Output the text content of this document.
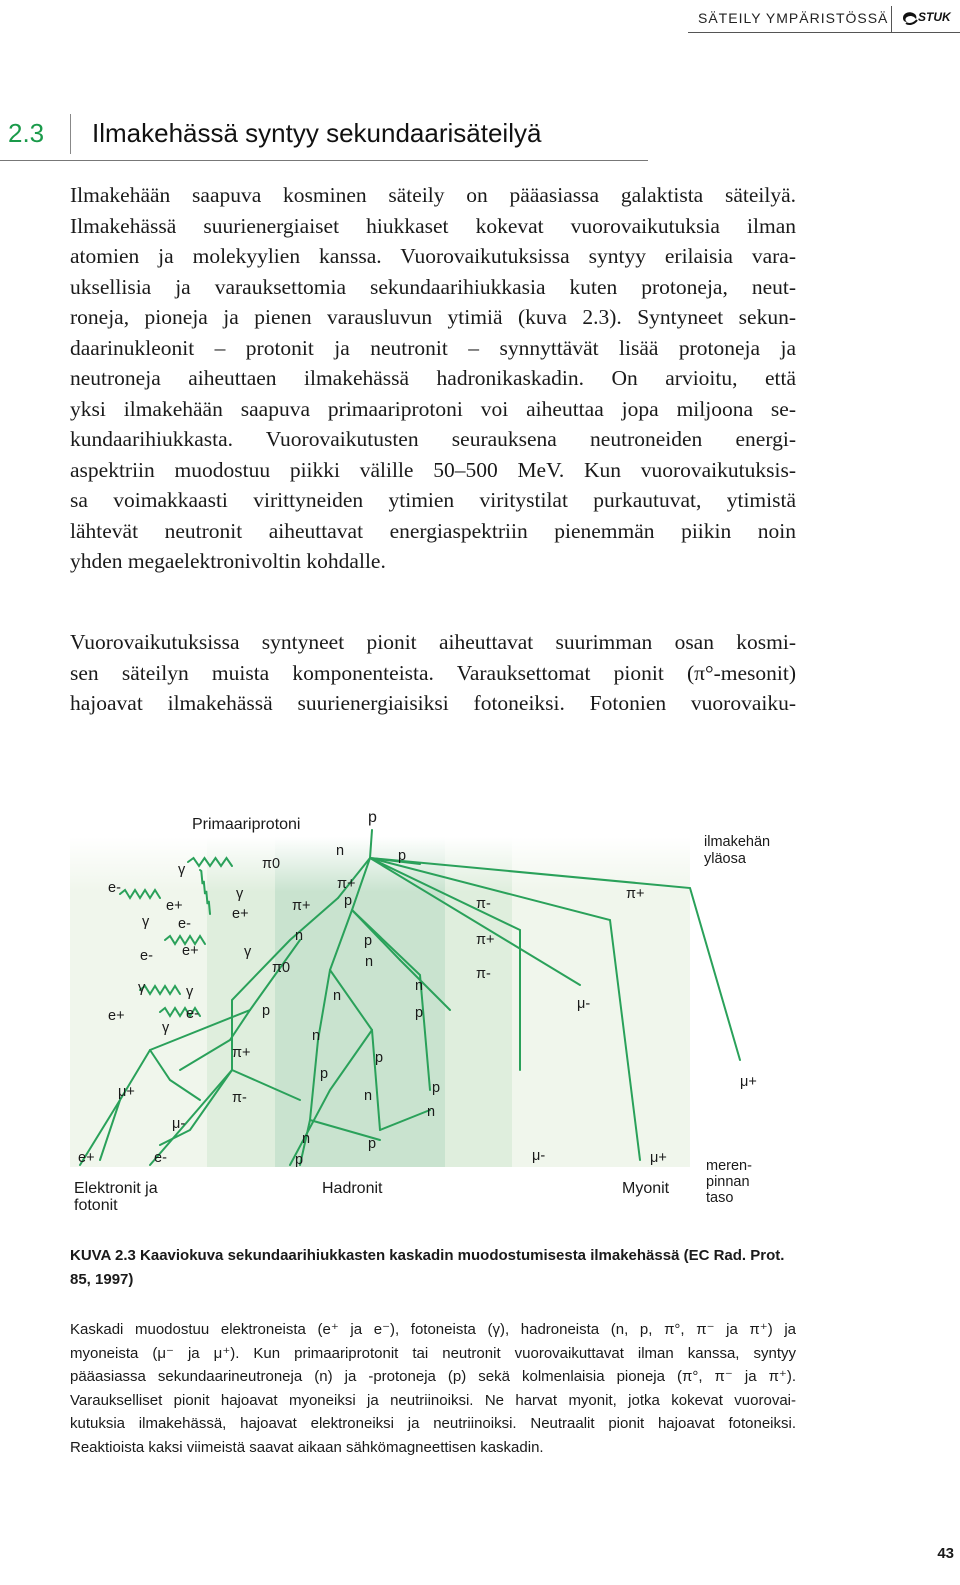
SÄTEILY YMPÄRISTÖSSÄ STUK
2.3 Ilmakehässä syntyy sekundaarisäteilyä
Ilmakehään saapuva kosminen säteily on pääasiassa galaktista säteilyä.
Ilmakehässä suurienergiaiset hiukkaset kokevat vuorovaikutuksia ilman
atomien ja molekyylien kanssa. Vuorovaikutuksissa syntyy erilaisia vara-
uksellisia ja varauksettomia sekundaarihiukkasia kuten protoneja, neut-
roneja, pioneja ja pienen varausluvun ytimiä (kuva 2.3). Syntyneet sekun-
daarinukleonit – protonit ja neutronit – synnyttävät lisää protoneja ja
neutroneja aiheuttaen ilmakehässä hadronikaskadin. On arvioitu, että
yksi ilmakehään saapuva primaariprotoni voi aiheuttaa jopa miljoona se-
kundaarihiukkasta. Vuorovaikutusten seurauksena neutroneiden energi-
aspektriin muodostuu piikki välille 50–500 MeV. Kun vuorovaikutuksis-
sa voimakkaasti virittyneiden ytimien viritystilat purkautuvat, ytimistä
lähtevät neutronit aiheuttavat energiaspektriin pienemmän piikin noin
yhden megaelektronivoltin kohdalle.
Vuorovaikutuksissa syntyneet pionit aiheuttavat suurimman osan kosmi-
sen säteilyn muista komponenteista. Varauksettomat pionit (π°-mesonit)
hajoavat ilmakehässä suurienergiaisiksi fotoneiksi. Fotonien vuorovaiku-
e-
γ	π0
n	p
π+
γ
e+	π+ p
γ e-
e+
n	p
π-
π+
e- e+	γ
n
π+
γ
π0	π-
γ	n
n
e+	p
e-	p
μ-
γ	n
π+	p
μ+
p
μ+	π-	n	p
n
μ-
n	p
e+	e-	p	μ-	μ+
Primaariprotoni	p
ilmakehän
yläosa
meren-
pinnan
taso
Elektronit ja
fotonit
Hadronit	Myonit
KUVA 2.3 Kaaviokuva sekundaarihiukkasten kaskadin muodostumisesta ilmakehässä (EC Rad. Prot. 85, 1997)
Kaskadi muodostuu elektroneista (e⁺ ja e⁻), fotoneista (γ), hadroneista (n, p, π°, π⁻ ja π⁺) ja
myoneista (μ⁻ ja μ⁺). Kun primaariprotonit tai neutronit vuorovaikuttavat ilman kanssa, syntyy
pääasiassa sekundaarineutroneja (n) ja -protoneja (p) sekä kolmenlaisia pioneja (π°, π⁻ ja π⁺).
Varaukselliset pionit hajoavat myoneiksi ja neutriinoiksi. Ne harvat myonit, jotka kokevat vuorovai-
kutuksia ilmakehässä, hajoavat elektroneiksi ja neutriinoiksi. Neutraalit pionit hajoavat fotoneiksi.
Reaktioista kaksi viimeistä saavat aikaan sähkömagneettisen kaskadin.
43
